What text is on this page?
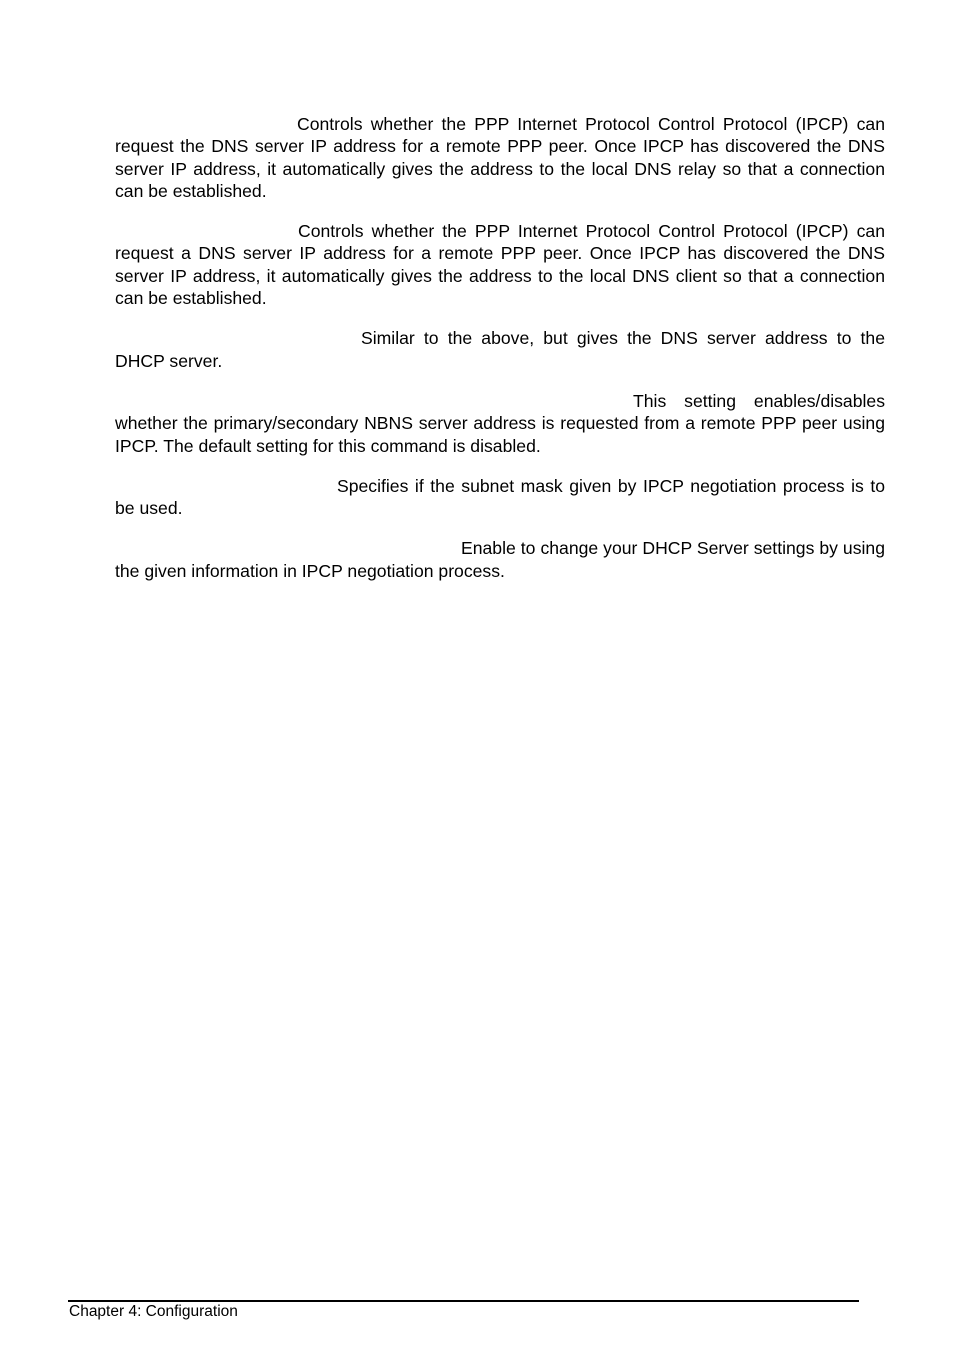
Controls whether the PPP Internet Protocol Control Protocol (IPCP) can request the DNS server IP address for a remote PPP peer. Once IPCP has discovered the DNS server IP address, it automatically gives the address to the local DNS relay so that a connection can be established.

Controls whether the PPP Internet Protocol Control Protocol (IPCP) can request a DNS server IP address for a remote PPP peer. Once IPCP has discovered the DNS server IP address, it automatically gives the address to the local DNS client so that a connection can be established.

Similar to the above, but gives the DNS server address to the DHCP server.

This setting enables/disables whether the primary/secondary NBNS server address is requested from a remote PPP peer using IPCP. The default setting for this command is disabled.

Specifies if the subnet mask given by IPCP negotiation process is to be used.

Enable to change your DHCP Server settings by using the given information in IPCP negotiation process.

Chapter 4: Configuration
